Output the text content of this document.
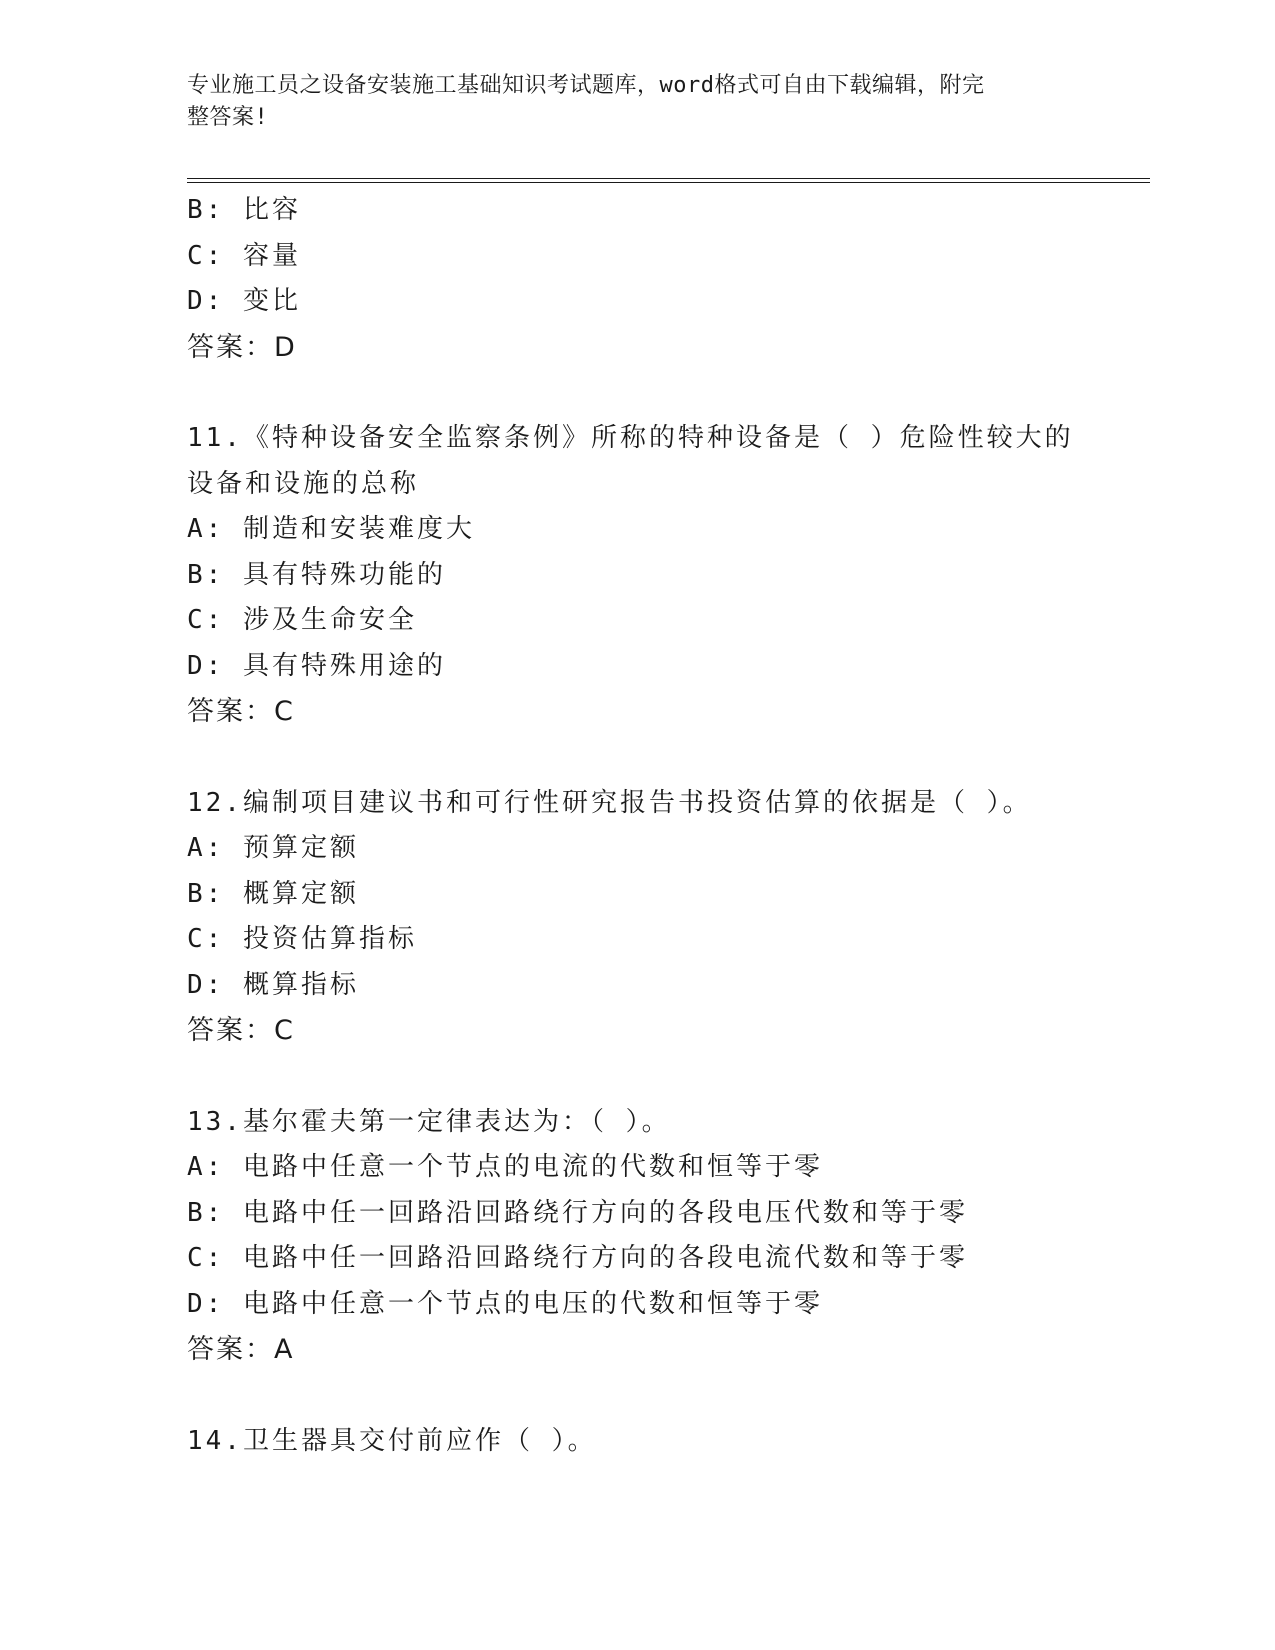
专业施工员之设备安装施工基础知识考试题库，word格式可自由下载编辑，附完
整答案!
B: 比容
C: 容量
D: 变比
答案：D
11.《特种设备安全监察条例》所称的特种设备是（ ）危险性较大的
设备和设施的总称
A: 制造和安装难度大
B: 具有特殊功能的
C: 涉及生命安全
D: 具有特殊用途的
答案：C
12.编制项目建议书和可行性研究报告书投资估算的依据是（ ）。
A: 预算定额
B: 概算定额
C: 投资估算指标
D: 概算指标
答案：C
13.基尔霍夫第一定律表达为：（ ）。
A: 电路中任意一个节点的电流的代数和恒等于零
B: 电路中任一回路沿回路绕行方向的各段电压代数和等于零
C: 电路中任一回路沿回路绕行方向的各段电流代数和等于零
D: 电路中任意一个节点的电压的代数和恒等于零
答案：A
14.卫生器具交付前应作（ ）。
